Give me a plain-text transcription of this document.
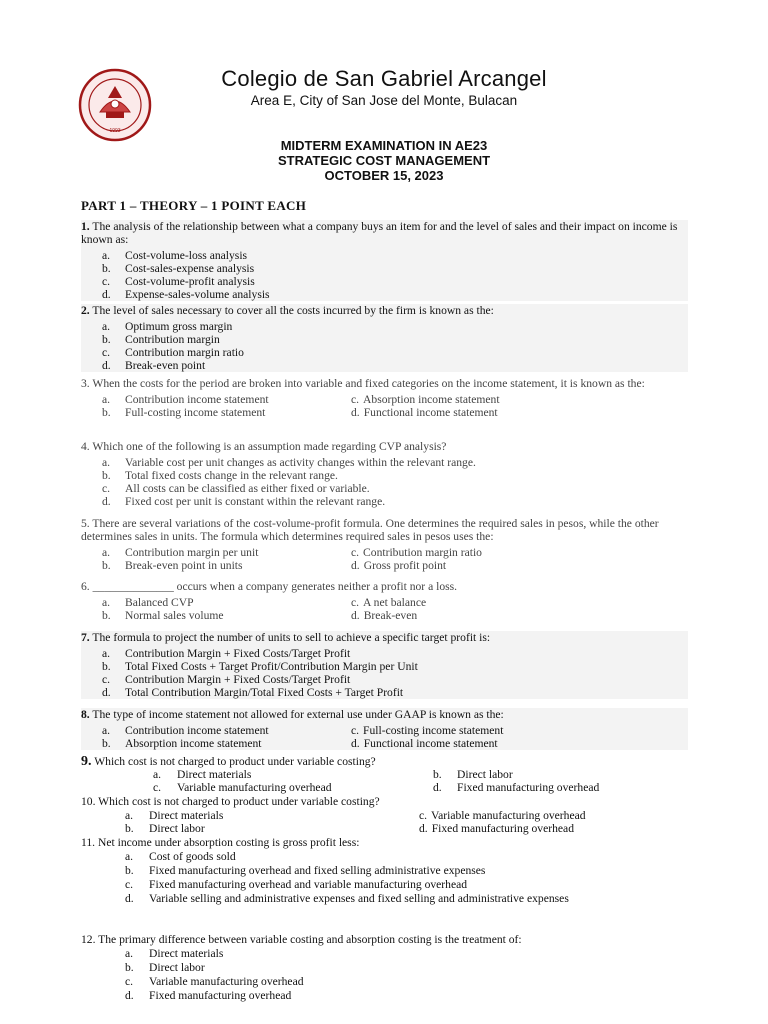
1993
Colegio de San Gabriel Arcangel
Area E, City of San Jose del Monte, Bulacan
MIDTERM EXAMINATION IN AE23
STRATEGIC COST MANAGEMENT
OCTOBER 15, 2023
PART 1 – THEORY – 1 POINT EACH
1. The analysis of the relationship between what a company buys an item for and the level of sales and their impact on income is known as:
a. Cost-volume-loss analysis
b. Cost-sales-expense analysis
c. Cost-volume-profit analysis
d. Expense-sales-volume analysis
2. The level of sales necessary to cover all the costs incurred by the firm is known as the:
a. Optimum gross margin
b. Contribution margin
c. Contribution margin ratio
d. Break-even point
3. When the costs for the period are broken into variable and fixed categories on the income statement, it is known as the:
a. Contribution income statement	c. Absorption income statement
b. Full-costing income statement	d. Functional income statement
4. Which one of the following is an assumption made regarding CVP analysis?
a. Variable cost per unit changes as activity changes within the relevant range.
b. Total fixed costs change in the relevant range.
c. All costs can be classified as either fixed or variable.
d. Fixed cost per unit is constant within the relevant range.
5. There are several variations of the cost-volume-profit formula. One determines the required sales in pesos, while the other determines sales in units. The formula which determines required sales in pesos uses the:
a. Contribution margin per unit	c. Contribution margin ratio
b. Break-even point in units	d. Gross profit point
6. ______________ occurs when a company generates neither a profit nor a loss.
a. Balanced CVP	c. A net balance
b. Normal sales volume	d. Break-even
7. The formula to project the number of units to sell to achieve a specific target profit is:
a. Contribution Margin + Fixed Costs/Target Profit
b. Total Fixed Costs + Target Profit/Contribution Margin per Unit
c. Contribution Margin + Fixed Costs/Target Profit
d. Total Contribution Margin/Total Fixed Costs + Target Profit
8. The type of income statement not allowed for external use under GAAP is known as the:
a. Contribution income statement	c. Full-costing income statement
b. Absorption income statement	d. Functional income statement
9. Which cost is not charged to product under variable costing?
a. Direct materials	b. Direct labor
c. Variable manufacturing overhead	d. Fixed manufacturing overhead
10. Which cost is not charged to product under variable costing?
a. Direct materials	c. Variable manufacturing overhead
b. Direct labor	d. Fixed manufacturing overhead
11. Net income under absorption costing is gross profit less:
a. Cost of goods sold
b. Fixed manufacturing overhead and fixed selling administrative expenses
c. Fixed manufacturing overhead and variable manufacturing overhead
d. Variable selling and administrative expenses and fixed selling and administrative expenses
12. The primary difference between variable costing and absorption costing is the treatment of:
a. Direct materials
b. Direct labor
c. Variable manufacturing overhead
d. Fixed manufacturing overhead
